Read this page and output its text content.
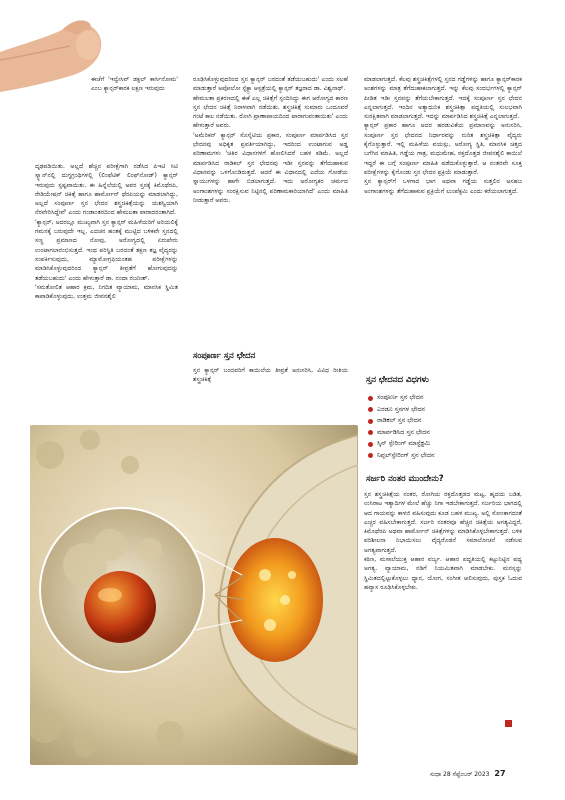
ಈಚೆಗೆ 'ಇನ್ವೇಸಿವ್ ಡಕ್ಟಲ್ ಕಾರ್ಸಿನೋಮ' ಎಂಬ ಕ್ಯಾನ್ಸರ್‌ಕಾರಕ ಲಕ್ಷಣ ಇರುವುದು

ದೃಢಪಡಿಯಿತು. ಅಲ್ಲದೆ ಹೆಚ್ಚಿನ ಪರೀಕ್ಷೆಗಾಗಿ ನಡೆಸಿದ ಪಿಇಟಿ ಸಿಟಿ ಸ್ಕ್ಯಾನ್‌ನಲ್ಲಿ ದುಗ್ಧಗ್ರಂಥಿಗಳಲ್ಲಿ (ಲಿಂಫೆಟಿಕ್ ಲಿಂಫ್‌ನೋಡ್) ಕ್ಯಾನ್ಸರ್ ಇರುವುದು ಸ್ಪಷ್ಟವಾಯಿತು. ಈ ಹಿನ್ನೆಲೆಯಲ್ಲಿ ಅವರ ಸ್ತನಕ್ಕೆ ಕಿಮೊಥೆರಪಿ, ರೇಡಿಯೇಷನ್ ಚಿಕಿತ್ಸೆ ಹಾಗೂ ಹಾರ್ಮೋನ್ ಥೆರಪಿಯನ್ನು ಮಾಡಲಾಗಿದ್ದು, ಅಲ್ಲದೆ ಸಂಪೂರ್ಣ ಸ್ತನ ಛೇದನ ಶಸ್ತ್ರಚಿಕಿತ್ಸೆಯನ್ನು ಯಶಸ್ವಿಯಾಗಿ ನೆರವೇರಿಸಿದ್ದೇವೆ' ಎಂದು ಗಂಡಾಂತರದಿಂದ ಹೇಮಲತಾ ಪಾರಾದರಂತಾಗಿದೆ.
'ಕ್ಯಾನ್ಸರ್, ಅದರಲ್ಲೂ ಮುಖ್ಯವಾಗಿ ಸ್ತನ ಕ್ಯಾನ್ಸರ್ ಮಹಿಳೆಯರಿಗೆ ಅರಿಯಲಿಕ್ಕೆ ಗಮನಕ್ಕೆ ಬರುವುದೇ ಇಲ್ಲ. ಎದಚನ ಹಂತಕ್ಕೆ ಮುಟ್ಟಿದ ಬಳಿಕವೇ ಸ್ತನದಲ್ಲಿ ಸಣ್ಣ ಪ್ರಮಾಣದ ನೋವು, ಅರೋಗ್ಯದಲ್ಲಿ ಏರುಪೇರು ಉಂಟಾಗಲಾರಂಭಿಸುತ್ತದೆ. ಇಂಥ ಪರಿಸ್ಥಿತಿ ಬರದಂತೆ ತಕ್ಷಣ ತಜ್ಞ ವೈದ್ಯರನ್ನು ಸಂಪರ್ಕಿಸುವುದು, ಮ್ಯಾಮೋಗ್ರಫಿಯಂತಹ ಪರೀಕ್ಷೆಗಳನ್ನು ಮಾಡಿಸಿಕೊಳ್ಳುವುದರಿಂದ ಕ್ಯಾನ್ಸರ್ ತೀವ್ರತೆಗೆ ಹೋಗುವುದನ್ನು ತಡೆಯಬಹುದು' ಎಂದು ಹೇಳುತ್ತಾರೆ ಡಾ. ನಂದಾ ರಜನೀಶ್.
'ಸಮತೋಲಿತ ಆಹಾರ ಕ್ರಮ, ನಿಗದಿತ ವ್ಯಾಯಾಮ, ಮಾನಸಿಕ ಸ್ಥಿಮಿತ ಕಾಪಾಡಿಕೊಳ್ಳುವುದು, ಉತ್ತಮ ಜೀವನಶೈಲಿ

ರೂಢಿಸಿಕೊಳ್ಳುವುದರಿಂದ ಸ್ತನ ಕ್ಯಾನ್ಸರ್ ಬರದಂತೆ ತಡೆಯಬಹುದು' ಎಂದು ಸಲಹೆ ಮಾಡುತ್ತಾರೆ ಅಪೋಲೋ ಸ್ಪೆಕ್ಟ್ರಾ ಆಸ್ಪತ್ರೆಯಲ್ಲಿ ಕ್ಯಾನ್ಸರ್ ತಜ್ಞರಾದ ಡಾ. ವಿಶ್ವನಾಥ್.
ಹೇಮಲತಾ ಪ್ರಕರಣದಲ್ಲಿ ಈಕೆ ಎಲ್ಲ ಚಿಕಿತ್ಸೆಗೆ ಸ್ಪಂದಿಸಿದ್ದು ಈಗ ಆರೋಗ್ಯದ ಕಾರಣ ಸ್ತನ ಛೇದನ ಚಿಕಿತ್ಸೆ ನಿರಾಳವಾಗಿ ನಡೆಯಿತು. ಶಸ್ತ್ರಚಿಕಿತ್ಸೆ ಸುಮಾರು ಒಂದೂವರೆ ಗಂಟೆ ಕಾಲ ನಡೆಯಿತು. ರೋಗಿ ಪ್ರಾಣಾಪಾಯದಿಂದ ಪಾರಾಗುವಂತಾಯಿತು' ಎಂದು ಹೇಳುತ್ತಾರೆ ಅವರು.
'ಅಮೆರಿಕನ್ ಕ್ಯಾನ್ಸರ್ ಸೊಸೈಟಿಯ ಪ್ರಕಾರ, ಸಂಪೂರ್ಣ ಮಾರ್ಪಡಿಸಿದ ಸ್ತನ ಛೇದನವು ಅಧಿಕೃತ ಪ್ರವರ್ತಿಯಾಗಿದ್ದು, ಇದರಿಂದ ಉಂಟಾಗುವ ಅಡ್ಡ ಪರಿಣಾಮಗಳು 'ಚತಿರ ವಿಧಾನಗಳಿಗೆ ಹೋಲಿಸಿದರೆ ಬಹಳ ಕಡಿಮೆ. ಅಲ್ಲದೆ ಮಾರ್ಪಡಿಸಿದ ರಾಡಿಕಲ್ ಸ್ತನ ಛೇದನವು ಇಡೀ ಸ್ತನವನ್ನು ತೆಗೆದುಹಾಕುವ ವಿಧಾನವನ್ನು ಒಳಗೊಂಡಿರುತ್ತದೆ. ಆದರೆ ಈ ವಿಧಾನದಲ್ಲಿ ಎದೆಯ ಗೋಡೆಯ ಸ್ನಾಯುಗಳನ್ನು ಹಾಗೇ ಬಿಡಲಾಗುತ್ತದೆ. ಇದು ಅರೋಗ್ಯಕರ ಚರ್ಮದ ಅಂಗಾಂಶಗಳನ್ನು ಸಂರಕ್ಷಿಸುವ ನಿಟ್ಟಿನಲ್ಲಿ ಪರಿಣಾಮಕಾರಿಯಾಗಿದೆ' ಎಂದು ಮಾಹಿತಿ ನೀಡುತ್ತಾರೆ ಅವರು.

ಸಂಪೂರ್ಣ ಸ್ತನ ಛೇದನ

ಸ್ತನ ಕ್ಯಾನ್ಸರ್ ಬಂದವರಿಗೆ ಕಾಯಿಲೆಯ ತೀವ್ರತೆ ಅನುಸರಿಸಿ, ವಿವಿಧ ರೀತಿಯ ಶಸ್ತ್ರಚಿಕಿತ್ಸೆ

ಮಾಡಲಾಗುತ್ತದೆ. ಕೆಲವು ಶಸ್ತ್ರಚಿಕಿತ್ಸೆಗಳಲ್ಲಿ ಸ್ತನದ ಗಡ್ಡೆಗಳನ್ನು ಹಾಗೂ ಕ್ಯಾನ್ಸರ್‌ಕಾರಕ ಅಂಶಗಳನ್ನು ಮಾತ್ರ ತೆಗೆದುಹಾಕಲಾಗುತ್ತದೆ. ಇನ್ನು ಕೆಲವು ಸಂದರ್ಭಗಳಲ್ಲಿ ಕ್ಯಾನ್ಸರ್ ಪೀಡಿತ ಇಡೀ ಸ್ತನವನ್ನು ತೆಗೆಯಬೇಕಾಗುತ್ತದೆ. ಇದಕ್ಕೆ ಸಂಪೂರ್ಣ ಸ್ತನ ಛೇದನ ಎನ್ನಲಾಗುತ್ತದೆ. ಇಂದಿನ ಅತ್ಯಾಧುನಿಕ ಶಸ್ತ್ರಚಿಕಿತ್ಸಾ ಪದ್ಧತಿಯಲ್ಲಿ ಸುಲಭವಾಗಿ ಸುರಕ್ಷಿತವಾಗಿ ಮಾಡಲಾಗುತ್ತದೆ. ಇದನ್ನು ಮಾರ್ಪಡಿಸಿದ ಶಸ್ತ್ರಚಿಕಿತ್ಸೆ ಎನ್ನಲಾಗುತ್ತದೆ.
ಕ್ಯಾನ್ಸರ್ ಪ್ರಕಾರ ಹಾಗೂ ಅದರ ಹರಡುವಿಕೆಯ ಪ್ರಮಾಣವನ್ನು ಅನುಸರಿಸಿ, ಸಂಪೂರ್ಣ ಸ್ತನ ಛೇದನದ ನಿರ್ಧಾರವನ್ನು ನುರಿತ ಶಸ್ತ್ರಚಿಕಿತ್ಸಾ ವೈದ್ಯರು ಕೈಗೊಳ್ಳುತ್ತಾರೆ. ಇಲ್ಲಿ ಮಹಿಳೆಯ ವಯಸ್ಸು, ಅರೋಗ್ಯ ಸ್ಥಿತಿ, ಮಾನಸಿಕ ಚಿತ್ತದ ಬಗೆಗಿನ ಮಾಹಿತಿ, ಗಡ್ಡೆಯ ಗಾತ್ರ, ಮಧುಮೇಹ, ರಕ್ತದೊತ್ತಡ ಜೀವನಶೈಲಿ ಕಾಯಿಲೆ ಇದ್ದರೆ ಈ ಬಗ್ಗೆ ಸಂಪೂರ್ಣ ಮಾಹಿತಿ ಪಡೆದುಕೊಳ್ಳುತ್ತಾರೆ. ಆ ನಂತರವೇ ಸೂಕ್ತ ಪರೀಕ್ಷೆಗಳನ್ನು ಕೈಗೊಂಡು ಸ್ತನ ಛೇದನ ಪ್ರಕ್ರಿಯೆ ಮಾಡುತ್ತಾರೆ.
ಸ್ತನ ಕ್ಯಾನ್ಸರ್‌ಗೆ ಒಳಗಾದ ಭಾಗ ಅಥವಾ ಗಡ್ಡೆಯ ಸುತ್ತಲಿನ ಅಸಹಜ ಅಂಗಾಂಶಗಳನ್ನು ತೆಗೆದುಹಾಕುವ ಪ್ರಕ್ರಿಯೆಗೆ ಲುಂಪೆಕ್ಟಮಿ ಎಂದು ಕರೆಯಲಾಗುತ್ತದೆ.

ಸ್ತನ ಛೇದನದ ವಿಧಗಳು
ಸಂಪೂರ್ಣ ಸ್ತನ ಛೇದನ
ಎರಡೂ ಸ್ತನಗಳ ಛೇದನ
ರಾಡಿಕಲ್ ಸ್ತನ ಛೇದನ
ಮಾರ್ಪಡಿಸಿದ ಸ್ತನ ಛೇದನ
ಸ್ಕಿನ್ ಸ್ಪೇರಿಂಗ್ ಮಾಸ್ಟೆಕ್ಟಮಿ
ನಿಪ್ಪಲ್‌ಸ್ಪೇರಿಂಗ್ ಸ್ತನ ಛೇದನ
ಸರ್ಜರಿ ನಂತರ ಮುಂದೇನು?

ಸ್ತನ ಶಸ್ತ್ರಚಿಕಿತ್ಸೆಯ ನಂತರ, ರೋಗಿಯ ರಕ್ತದೊತ್ತಡದ ಮಟ್ಟ, ಹೃದಯ ಬಡಿತ, ಉಸಿರಾಟ ಇತ್ಯಾದಿಗಳ ಮೇಲೆ ಹೆಚ್ಚು ನಿಗಾ ಇಡಬೇಕಾಗುತ್ತದೆ. ಸರ್ಜರಿಯ ಭಾಗದಲ್ಲಿ ಆದ ಗಾಯವನ್ನು ಕಾಳಜಿ ವಹಿಸುವುದು ಕೂಡ ಬಹಳ ಮುಖ್ಯ. ಅಲ್ಲಿ ಸೋಂಕಾಗದಂತೆ ಎಚ್ಚರ ವಹಿಸಬೇಕಾಗುತ್ತದೆ. ಸರ್ಜರಿ ನಂತರವೂ ಹೆಚ್ಚಿನ ಚಿಕಿತ್ಸೆಯ ಅಗತ್ಯವಿದ್ದರೆ, ಕಿಮೊಥೆರಪಿ ಅಥವಾ ಹಾರ್ಮೋನ್ ಚಿಕಿತ್ಸೆಗಳನ್ನು ಮಾಡಿಸಿಕೊಳ್ಳಬೇಕಾಗುತ್ತದೆ. ಬಳಿಕ ಪರಿಶೀಲನಾ ನಿಭಾಯಿಸಲು ವೈದ್ಯರೊಡನೆ ಸಮಾಲೋಚನೆ ನಡೆಸುವ ಅಗತ್ಯವಾಗುತ್ತದೆ.
ಕಠಿಣ, ಮಸಾಲೆಯುಕ್ತ ಆಹಾರ ವರ್ಜ್ಯ. ಆಹಾರ ಪದ್ಧತಿಯಲ್ಲಿ ಕಟ್ಟುನಿಟ್ಟಿನ ಪಥ್ಯ ಅಗತ್ಯ. ವ್ಯಾಯಾಮ, ನಡಿಗೆ ನಿಯಮಿತವಾಗಿ ಮಾಡಬೇಕು. ಮನಸ್ಸನ್ನು ಸ್ಥಿಮಿತದಲ್ಲಿಟ್ಟುಕೊಳ್ಳಲು ಧ್ಯಾನ, ಯೋಗ, ಸಂಗೀತ ಆಲಿಸುವುದು, ಪುಸ್ತಕ ಓದುವ ಹವ್ಯಾಸ ರೂಢಿಸಿಕೊಳ್ಳಬೇಕು.

ಸುಧಾ 28 ಸೆಪ್ಟೆಂಬರ್ 2023 27
